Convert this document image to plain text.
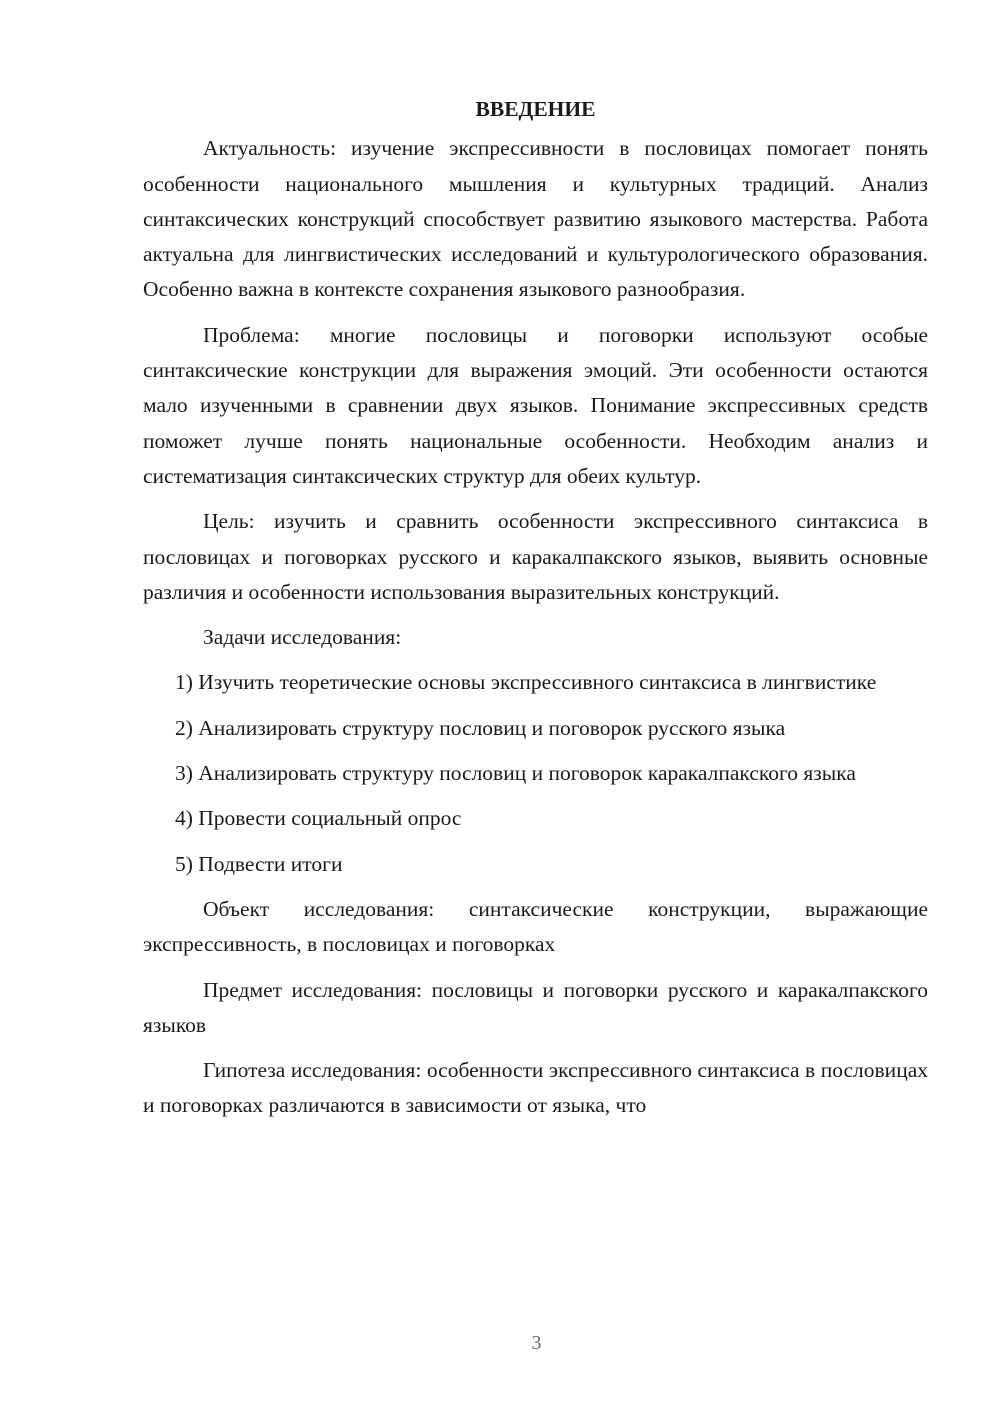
ВВЕДЕНИЕ

Актуальность: изучение экспрессивности в пословицах помогает понять особенности национального мышления и культурных традиций. Анализ синтаксических конструкций способствует развитию языкового мастерства. Работа актуальна для лингвистических исследований и культурологического образования. Особенно важна в контексте сохранения языкового разнообразия.

Проблема: многие пословицы и поговорки используют особые синтаксические конструкции для выражения эмоций. Эти особенности остаются мало изученными в сравнении двух языков. Понимание экспрессивных средств поможет лучше понять национальные особенности. Необходим анализ и систематизация синтаксических структур для обеих культур.

Цель: изучить и сравнить особенности экспрессивного синтаксиса в пословицах и поговорках русского и каракалпакского языков, выявить основные различия и особенности использования выразительных конструкций.

Задачи исследования:

1) Изучить теоретические основы экспрессивного синтаксиса в лингвистике

2) Анализировать структуру пословиц и поговорок русского языка

3) Анализировать структуру пословиц и поговорок каракалпакского языка

4) Провести социальный опрос

5) Подвести итоги

Объект исследования: синтаксические конструкции, выражающие экспрессивность, в пословицах и поговорках

Предмет исследования: пословицы и поговорки русского и каракалпакского языков

Гипотеза исследования: особенности экспрессивного синтаксиса в пословицах и поговорках различаются в зависимости от языка, что

3
